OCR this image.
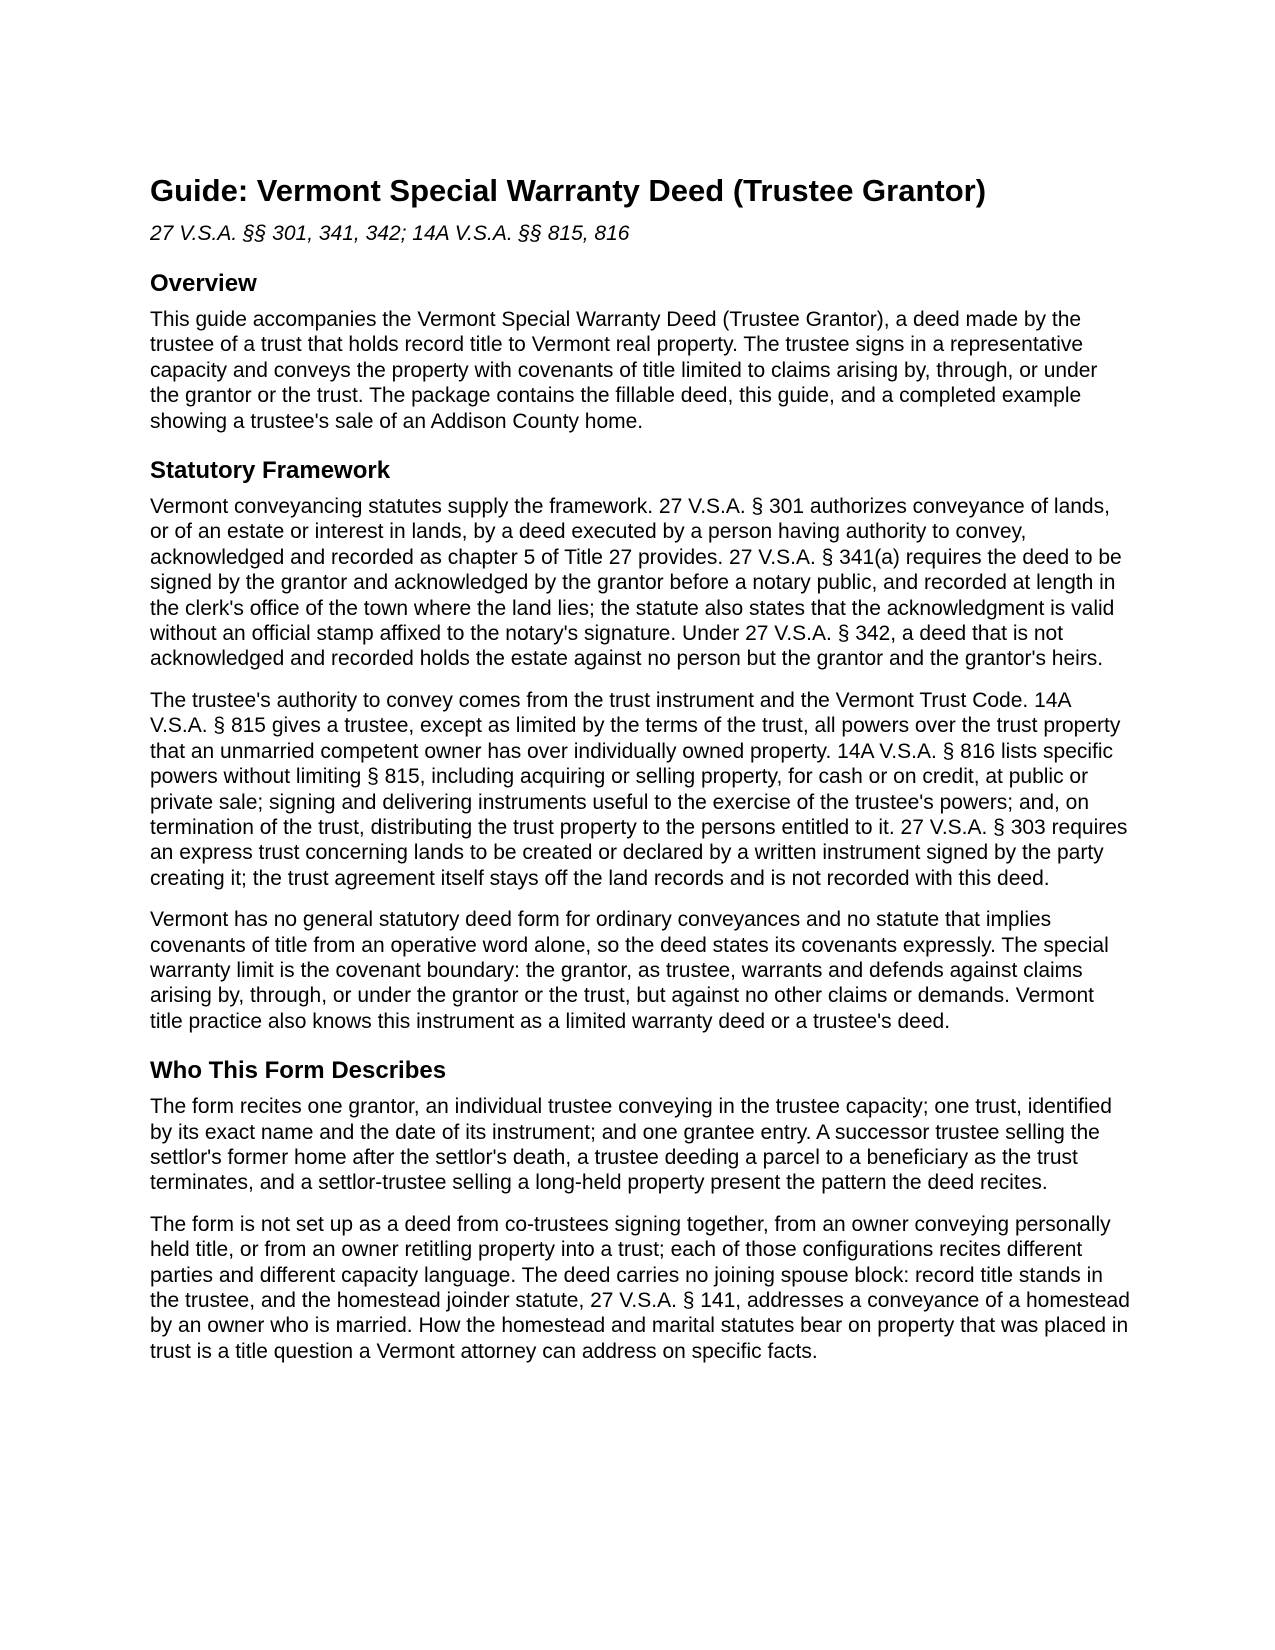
Guide: Vermont Special Warranty Deed (Trustee Grantor)

27 V.S.A. §§ 301, 341, 342; 14A V.S.A. §§ 815, 816

Overview

This guide accompanies the Vermont Special Warranty Deed (Trustee Grantor), a deed made by the trustee of a trust that holds record title to Vermont real property. The trustee signs in a representative capacity and conveys the property with covenants of title limited to claims arising by, through, or under the grantor or the trust. The package contains the fillable deed, this guide, and a completed example showing a trustee's sale of an Addison County home.

Statutory Framework

Vermont conveyancing statutes supply the framework. 27 V.S.A. § 301 authorizes conveyance of lands, or of an estate or interest in lands, by a deed executed by a person having authority to convey, acknowledged and recorded as chapter 5 of Title 27 provides. 27 V.S.A. § 341(a) requires the deed to be signed by the grantor and acknowledged by the grantor before a notary public, and recorded at length in the clerk's office of the town where the land lies; the statute also states that the acknowledgment is valid without an official stamp affixed to the notary's signature. Under 27 V.S.A. § 342, a deed that is not acknowledged and recorded holds the estate against no person but the grantor and the grantor's heirs.

The trustee's authority to convey comes from the trust instrument and the Vermont Trust Code. 14A V.S.A. § 815 gives a trustee, except as limited by the terms of the trust, all powers over the trust property that an unmarried competent owner has over individually owned property. 14A V.S.A. § 816 lists specific powers without limiting § 815, including acquiring or selling property, for cash or on credit, at public or private sale; signing and delivering instruments useful to the exercise of the trustee's powers; and, on termination of the trust, distributing the trust property to the persons entitled to it. 27 V.S.A. § 303 requires an express trust concerning lands to be created or declared by a written instrument signed by the party creating it; the trust agreement itself stays off the land records and is not recorded with this deed.

Vermont has no general statutory deed form for ordinary conveyances and no statute that implies covenants of title from an operative word alone, so the deed states its covenants expressly. The special warranty limit is the covenant boundary: the grantor, as trustee, warrants and defends against claims arising by, through, or under the grantor or the trust, but against no other claims or demands. Vermont title practice also knows this instrument as a limited warranty deed or a trustee's deed.

Who This Form Describes

The form recites one grantor, an individual trustee conveying in the trustee capacity; one trust, identified by its exact name and the date of its instrument; and one grantee entry. A successor trustee selling the settlor's former home after the settlor's death, a trustee deeding a parcel to a beneficiary as the trust terminates, and a settlor-trustee selling a long-held property present the pattern the deed recites.

The form is not set up as a deed from co-trustees signing together, from an owner conveying personally held title, or from an owner retitling property into a trust; each of those configurations recites different parties and different capacity language. The deed carries no joining spouse block: record title stands in the trustee, and the homestead joinder statute, 27 V.S.A. § 141, addresses a conveyance of a homestead by an owner who is married. How the homestead and marital statutes bear on property that was placed in trust is a title question a Vermont attorney can address on specific facts.
